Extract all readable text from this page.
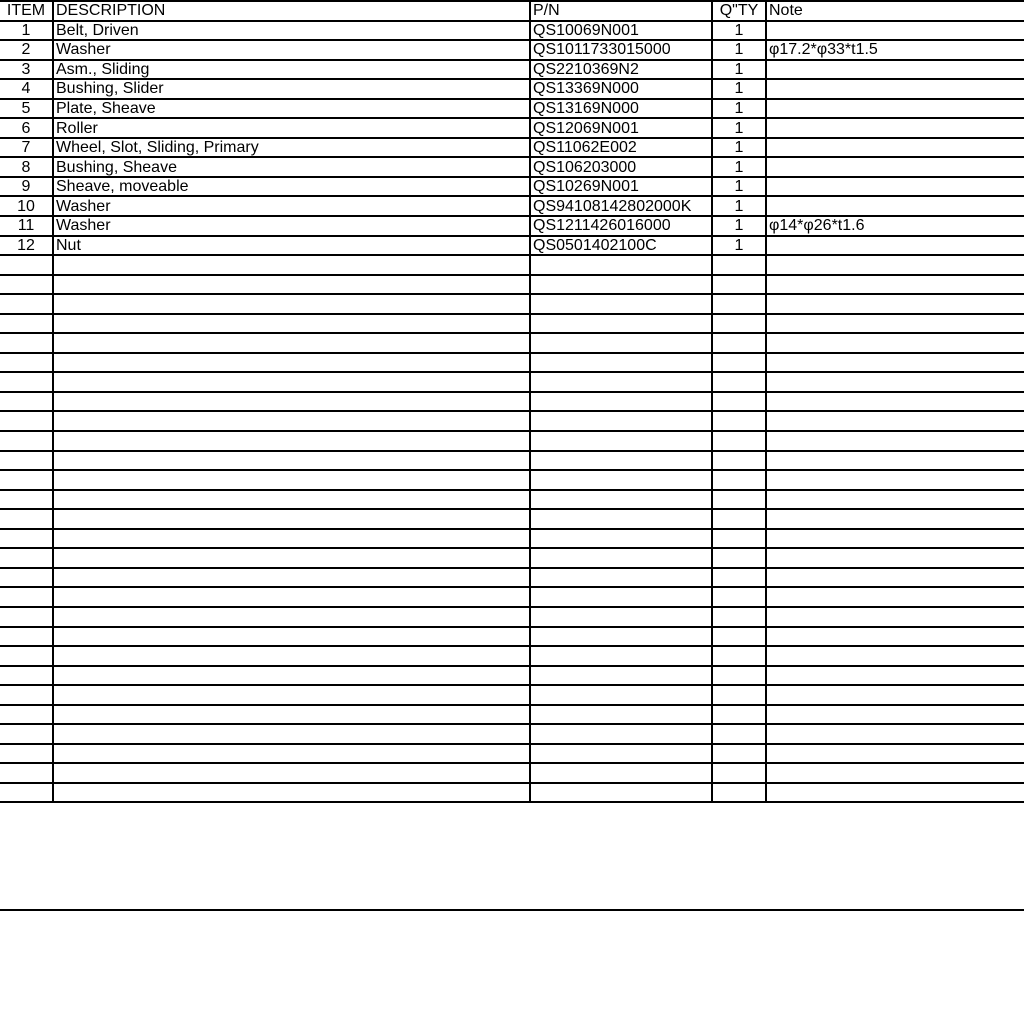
ITEM	DESCRIPTION	P/N	Q"TY	Note
1	Belt, Driven	QS10069N001	1	
2	Washer	QS1011733015000	1	φ17.2*φ33*t1.5
3	Asm., Sliding	QS2210369N2	1	
4	Bushing, Slider	QS13369N000	1	
5	Plate, Sheave	QS13169N000	1	
6	Roller	QS12069N001	1	
7	Wheel, Slot, Sliding, Primary	QS11062E002	1	
8	Bushing, Sheave	QS106203000	1	
9	Sheave, moveable	QS10269N001	1	
10	Washer	QS94108142802000K	1	
11	Washer	QS1211426016000	1	φ14*φ26*t1.6
12	Nut	QS0501402100C	1	
